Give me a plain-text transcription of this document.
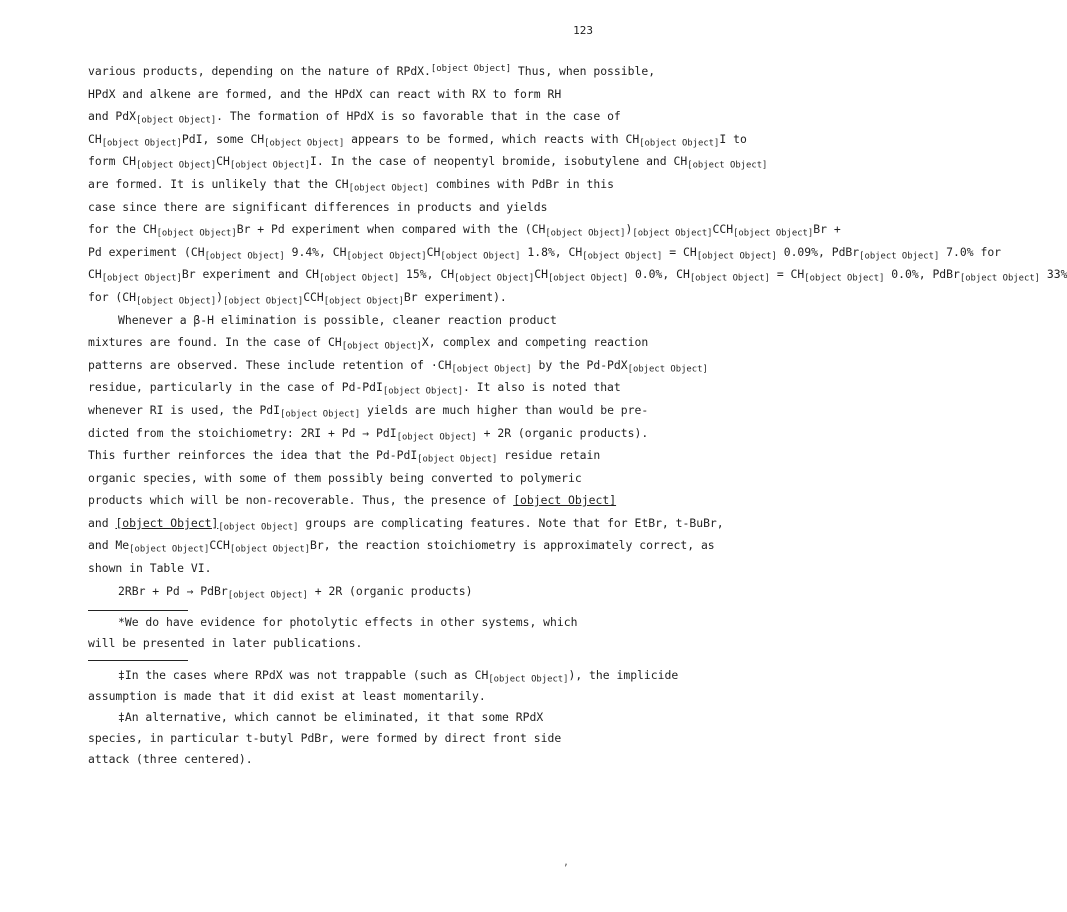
123
various products, depending on the nature of RPdX.[object Object] Thus, when possible,
HPdX and alkene are formed, and the HPdX can react with RX to form RH
and PdX$_{[object Object]}$. The formation of HPdX is so favorable that in the case of
$CH_{[object Object]}PdI$, some $CH_{[object Object]}$ appears to be formed, which reacts with $CH_{[object Object]}I$ to
form $CH_{[object Object]}CH_{[object Object]}I$. In the case of neopentyl bromide, isobutylene and $CH_{[object Object]}$
are formed. It is unlikely that the $CH_{[object Object]}$ combines with PdBr in this
case since there are significant differences in products and yields
for the $CH_{[object Object]}Br + Pd$ experiment when compared with the $(CH_{[object Object]})_{[object Object]}CCH_{[object Object]}Br$ +
Pd experiment ($CH_{[object Object]}$ 9.4%, $CH_{[object Object]}CH_{[object Object]}$ 1.8%, $CH_{[object Object]} = CH_{[object Object]}$ 0.09%, PdBr$_{[object Object]}$ 7.0% for
$CH_{[object Object]}Br$ experiment and $CH_{[object Object]}$ 15%, $CH_{[object Object]}CH_{[object Object]}$ 0.0%, $CH_{[object Object]} = CH_{[object Object]}$ 0.0%, PdBr$_{[object Object]}$ 33%
for $(CH_{[object Object]})_{[object Object]}CCH_{[object Object]}Br$ experiment).
Whenever a β-H elimination is possible, cleaner reaction product
mixtures are found. In the case of $CH_{[object Object]}X$, complex and competing reaction
patterns are observed. These include retention of $\cdot CH_{[object Object]}$ by the Pd-PdX$_{[object Object]}$
residue, particularly in the case of Pd-PdI$_{[object Object]}$. It also is noted that
whenever RI is used, the PdI$_{[object Object]}$ yields are much higher than would be pre-
dicted from the stoichiometry: 2RI + Pd → PdI$_{[object Object]}$ + 2R (organic products).
This further reinforces the idea that the Pd-PdI$_{[object Object]}$ residue retain
organic species, with some of them possibly being converted to polymeric
products which will be non-recoverable. Thus, the presence of [object Object]
and [object $Object]_{[object Object]}$ groups are complicating features. Note that for EtBr, t-BuBr,
and $Me_{[object Object]}CCH_{[object Object]}Br$, the reaction stoichiometry is approximately correct, as
shown in Table VI.
2RBr + Pd → PdBr$_{[object Object]}$ + 2R (organic products)
*We do have evidence for photolytic effects in other systems, which
will be presented in later publications.
‡In the cases where RPdX was not trappable (such as $CH_{[object Object]}$), the implicide
assumption is made that it did exist at least momentarily.
‡An alternative, which cannot be eliminated, it that some RPdX
species, in particular t-butyl PdBr, were formed by direct front side
attack (three centered).
‚
